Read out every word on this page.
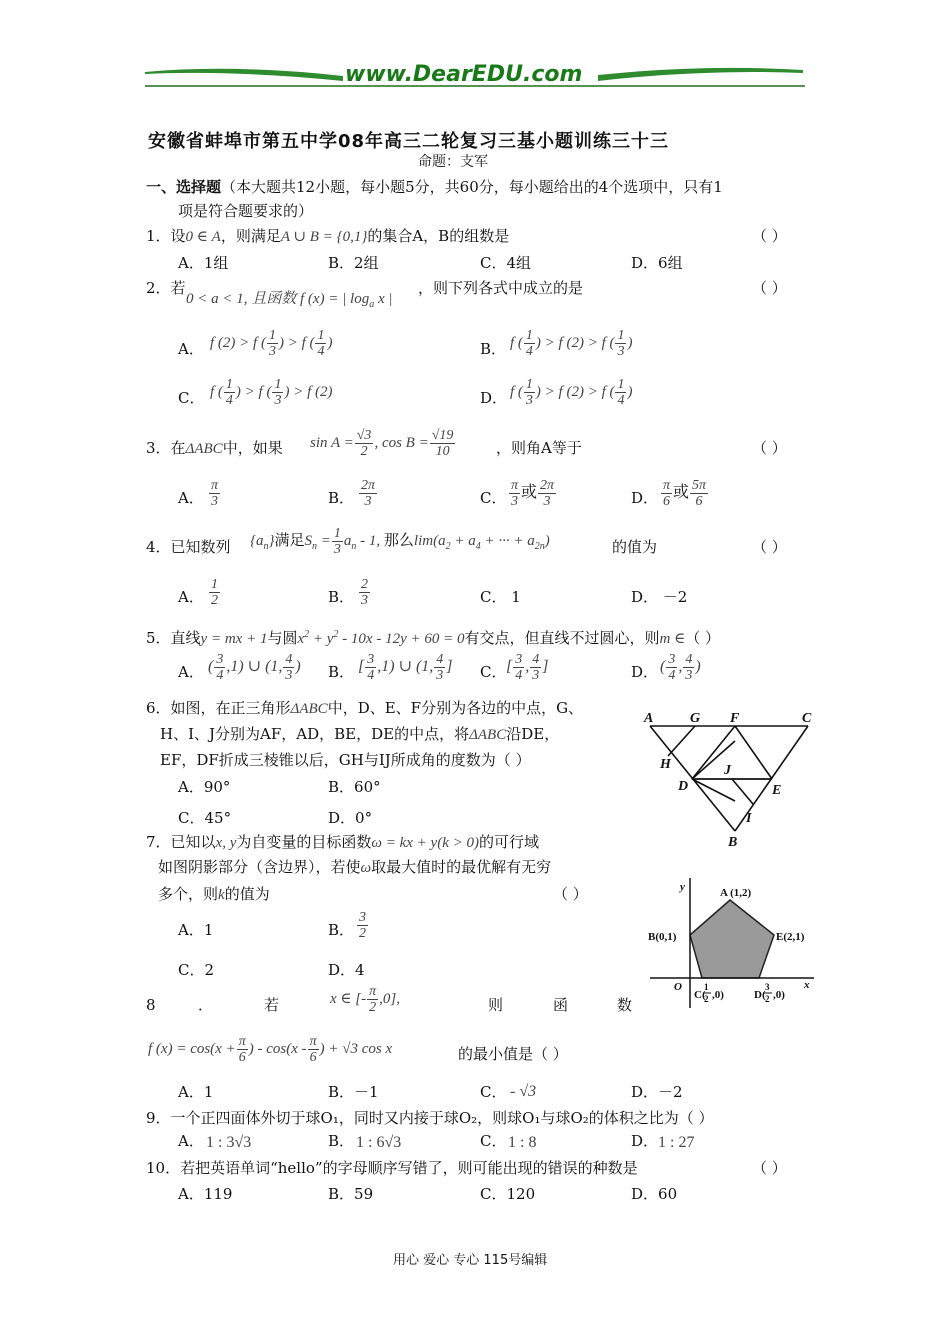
www.DearEDU.com
安徽省蚌埠市第五中学08年高三二轮复习三基小题训练三十三
命题：支军
一、选择题（本大题共12小题，每小题5分，共60分，每小题给出的4个选项中，只有1
项是符合题要求的）
1．设0 ∈ A，则满足A ∪ B = {0,1}的集合A，B的组数是	（ ）
A．1组	B．2组	C．4组	D．6组
2．若
0 < a < 1, 且函数 f (x) = | $\log_a x$ |
，则下列各式中成立的是	（ ）
A． f (2) > f ( $\frac{1}{3}$ ) > f ( $\frac{1}{4}$ )	B． f ( $\frac{1}{4}$ ) > f (2) > f ( $\frac{1}{3}$ )
C． f ( $\frac{1}{4}$ ) > f ( $\frac{1}{3}$ ) > f (2)	D． f ( $\frac{1}{3}$ ) > f (2) > f ( $\frac{1}{4}$ )
3．在ΔABC中，如果 $\sin A = \frac{√3}{2}$ , $\cos B = \frac{√19}{10}$	，则角A等于	（ ）
A． $\frac{\pi}{3}$	B． $\frac{2\pi}{3}$	C． $\frac{\pi}{3}$ 或 $\frac{2\pi}{3}$	D． $\frac{\pi}{6}$ 或 $\frac{5\pi}{6}$
4．已知数列 $\{a_n\}$满足$S_n = \frac{1}{3} a_n - 1$, 那么$\lim(a_2 + a_4$ + ··· + $a_{2n}$)	的值为	（ ）
A． $\frac{1}{2}$	B． $\frac{2}{3}$	C． 1	D． －2
5．直线y = mx + 1与圆$x^2 + y^2 - 10x - 12y + 60 = 0$有交点，但直线不过圆心，则m ∈（ ）
A． ( $\frac{3}{4} ,1$) ∪ (1, $\frac{4}{3}$ ) B． [ $\frac{3}{4} ,1$) ∪ (1, $\frac{4}{3}$ ] C． [ $\frac{3}{4}$ , $\frac{4}{3}$ ]	D． ( $\frac{3}{4}$ , $\frac{4}{3}$ )
6．如图，在正三角形ΔABC中，D、E、F分别为各边的中点，G、
H、I、J分别为AF，AD，BE，DE的中点，将ΔABC沿DE，
EF，DF折成三棱锥以后，GH与IJ所成角的度数为（ ）
A．90°	B．60°
C．45°	D．0°
A	G F	C
H
D
J
E
I
B
7．已知以x, y为自变量的目标函数ω = kx + y(k > 0)的可行域
如图阴影部分（含边界），若使ω取最大值时的最优解有无穷
多个，则k的值为	（ ）
A．1	B． $\frac{3}{2}$
C．2	D．4
y
x
A (1,2)
B(0,1)	E(2,1)
O
C(
1
2 ,0)	D(
3
2 ,0)
8	．	若	x ∈ [- $\frac{\pi}{2} ,0$],	则	函	数
f $(x) = \cos(x + \frac{\pi}{6}$ ) - $\cos(x - \frac{\pi}{6}$ ) + √3 cos x	的最小值是（ ）
A．1	B．－1	C． - √3	D．－2
9．一个正四面体外切于球O₁，同时又内接于球O₂，则球O₁与球O₂的体积之比为（ ）
A． 1 : 3√3	B． 1 : 6√3	C． 1 : 8	D． 1 : 27
10．若把英语单词“hello”的字母顺序写错了，则可能出现的错误的种数是	（ ）
A．119	B．59	C．120	D．60
用心 爱心 专心 115号编辑
